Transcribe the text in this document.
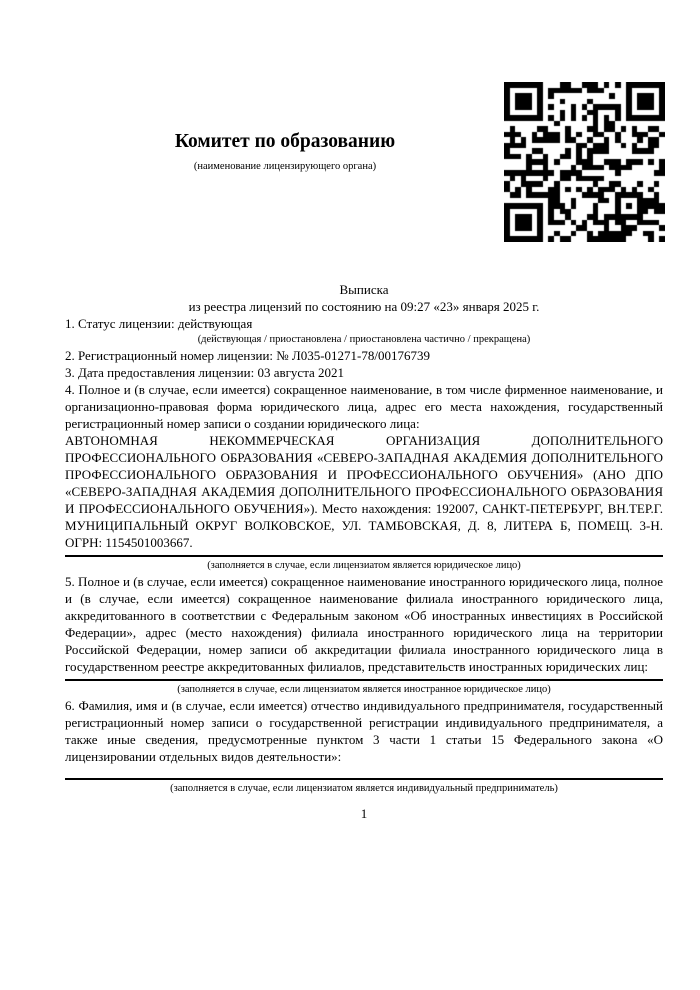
Комитет по образованию

(наименование лицензирующего органа)

Выписка

из реестра лицензий по состоянию на 09:27 «23» января 2025 г.

1. Статус лицензии: действующая

(действующая / приостановлена / приостановлена частично / прекращена)

2. Регистрационный номер лицензии: № Л035-01271-78/00176739

3. Дата предоставления лицензии: 03 августа 2021

4. Полное и (в случае, если имеется) сокращенное наименование, в том числе фирменное наименование, и организационно-правовая форма юридического лица, адрес его места нахождения, государственный регистрационный номер записи о создании юридического лица:

АВТОНОМНАЯ НЕКОММЕРЧЕСКАЯ ОРГАНИЗАЦИЯ ДОПОЛНИТЕЛЬНОГО ПРОФЕССИОНАЛЬНОГО ОБРАЗОВАНИЯ «СЕВЕРО-ЗАПАДНАЯ АКАДЕМИЯ ДОПОЛНИТЕЛЬНОГО ПРОФЕССИОНАЛЬНОГО ОБРАЗОВАНИЯ И ПРОФЕССИОНАЛЬНОГО ОБУЧЕНИЯ» (АНО ДПО «СЕВЕРО-ЗАПАДНАЯ АКАДЕМИЯ ДОПОЛНИТЕЛЬНОГО ПРОФЕССИОНАЛЬНОГО ОБРАЗОВАНИЯ И ПРОФЕССИОНАЛЬНОГО ОБУЧЕНИЯ»). Место нахождения: 192007, САНКТ-ПЕТЕРБУРГ, ВН.ТЕР.Г. МУНИЦИПАЛЬНЫЙ ОКРУГ ВОЛКОВСКОЕ, УЛ. ТАМБОВСКАЯ, Д. 8, ЛИТЕРА Б, ПОМЕЩ. 3-Н. ОГРН: 1154501003667.

(заполняется в случае, если лицензиатом является юридическое лицо)

5. Полное и (в случае, если имеется) сокращенное наименование иностранного юридического лица, полное и (в случае, если имеется) сокращенное наименование филиала иностранного юридического лица, аккредитованного в соответствии с Федеральным законом «Об иностранных инвестициях в Российской Федерации», адрес (место нахождения) филиала иностранного юридического лица на территории Российской Федерации, номер записи об аккредитации филиала иностранного юридического лица в государственном реестре аккредитованных филиалов, представительств иностранных юридических лиц:

(заполняется в случае, если лицензиатом является иностранное юридическое лицо)

6. Фамилия, имя и (в случае, если имеется) отчество индивидуального предпринимателя, государственный регистрационный номер записи о государственной регистрации индивидуального предпринимателя, а также иные сведения, предусмотренные пунктом 3 части 1 статьи 15 Федерального закона «О лицензировании отдельных видов деятельности»:

(заполняется в случае, если лицензиатом является индивидуальный предприниматель)

1
